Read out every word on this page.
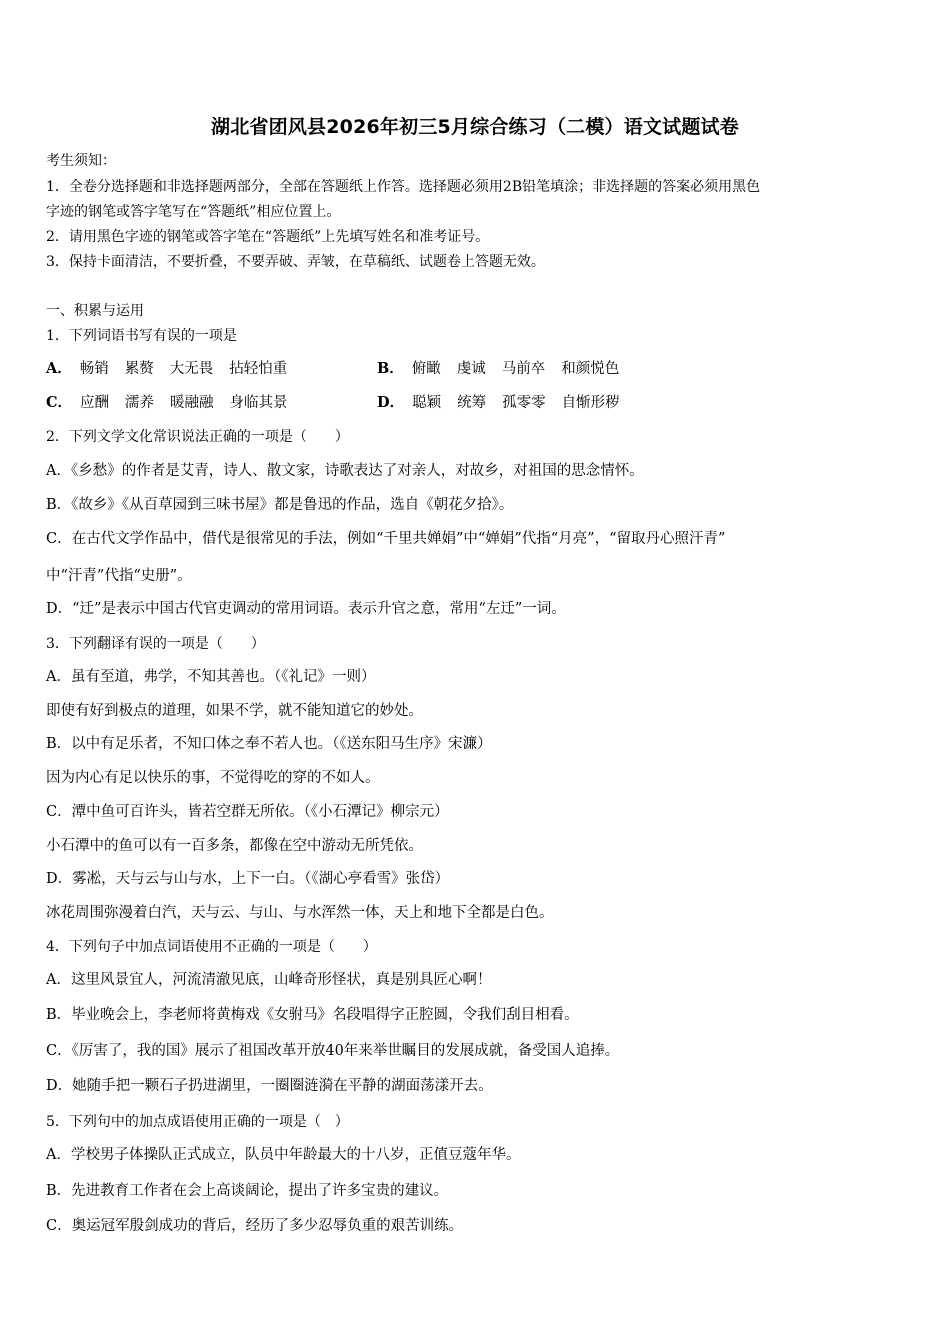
湖北省团风县2026年初三5月综合练习（二模）语文试题试卷
考生须知：
1．全卷分选择题和非选择题两部分，全部在答题纸上作答。选择题必须用2B铅笔填涂；非选择题的答案必须用黑色
字迹的钢笔或答字笔写在“答题纸”相应位置上。
2．请用黑色字迹的钢笔或答字笔在“答题纸”上先填写姓名和准考证号。
3．保持卡面清洁，不要折叠，不要弄破、弄皱，在草稿纸、试题卷上答题无效。
一、积累与运用
1．下列词语书写有误的一项是
A． 畅销 累赘 大无畏 拈轻怕重	B． 俯瞰 虔诚 马前卒 和颜悦色
C． 应酬 濡养 暖融融 身临其景	D． 聪颖 统筹 孤零零 自惭形秽
2．下列文学文化常识说法正确的一项是（　　）
A．《乡愁》的作者是艾青，诗人、散文家，诗歌表达了对亲人，对故乡，对祖国的思念情怀。
B．《故乡》《从百草园到三味书屋》都是鲁迅的作品，选自《朝花夕拾》。
C．在古代文学作品中，借代是很常见的手法，例如“千里共婵娟”中“婵娟”代指“月亮”，“留取丹心照汗青”
中“汗青”代指“史册”。
D．“迁”是表示中国古代官吏调动的常用词语。表示升官之意，常用“左迁”一词。
3．下列翻译有误的一项是（　　）
A．虽有至道，弗学，不知其善也。（《礼记》一则）
即使有好到极点的道理，如果不学，就不能知道它的妙处。
B．以中有足乐者，不知口体之奉不若人也。（《送东阳马生序》宋濂）
因为内心有足以快乐的事，不觉得吃的穿的不如人。
C．潭中鱼可百许头，皆若空群无所依。（《小石潭记》柳宗元）
小石潭中的鱼可以有一百多条，都像在空中游动无所凭依。
D．雾凇，天与云与山与水，上下一白。（《湖心亭看雪》张岱）
冰花周围弥漫着白汽，天与云、与山、与水浑然一体，天上和地下全都是白色。
4．下列句子中加点词语使用不正确的一项是（　　）
A．这里风景宜人，河流清澈见底，山峰奇形怪状，真是别具匠心啊！
B．毕业晚会上，李老师将黄梅戏《女驸马》名段唱得字正腔圆，令我们刮目相看。
C．《厉害了，我的国》展示了祖国改革开放40年来举世瞩目的发展成就，备受国人追捧。
D．她随手把一颗石子扔进湖里，一圈圈涟漪在平静的湖面荡漾开去。
5．下列句中的加点成语使用正确的一项是（　）
A．学校男子体操队正式成立，队员中年龄最大的十八岁，正值豆蔻年华。
B．先进教育工作者在会上高谈阔论，提出了许多宝贵的建议。
C．奥运冠军殷剑成功的背后，经历了多少忍辱负重的艰苦训练。
